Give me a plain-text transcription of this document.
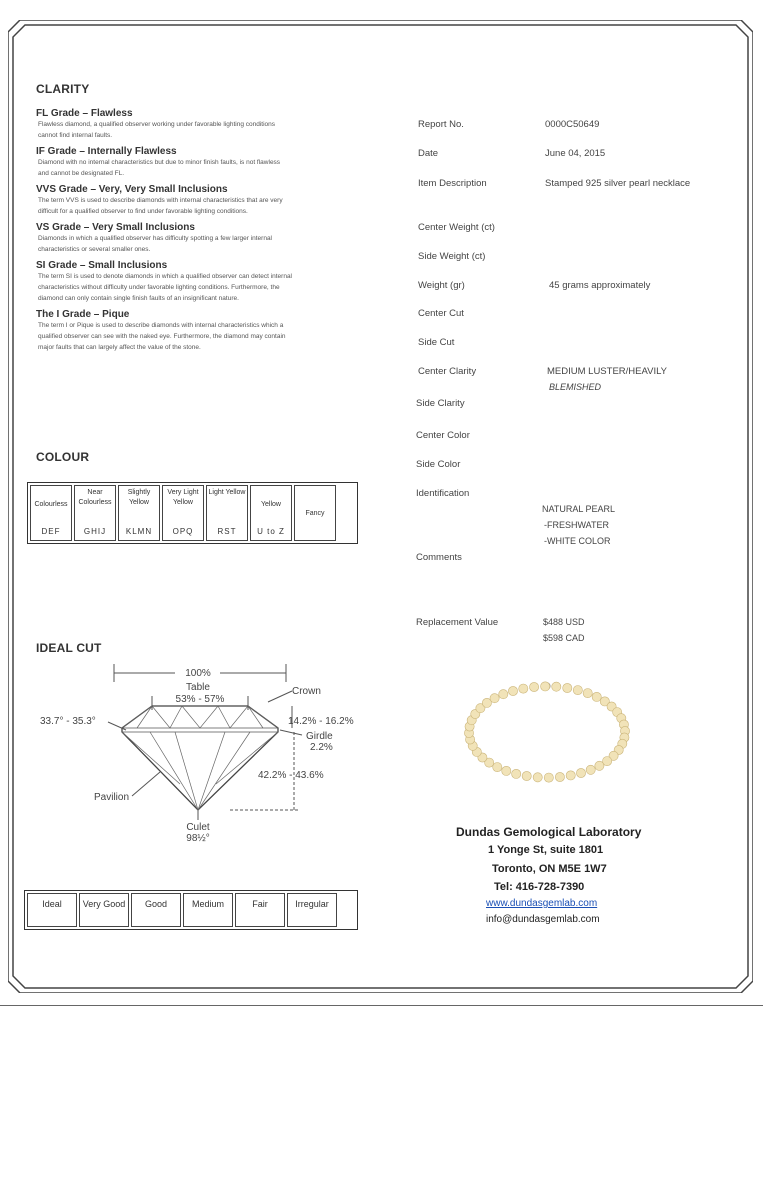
CLARITY
FL Grade – Flawless
Flawless diamond, a qualified observer working under favorable lighting conditions
cannot find internal faults.
IF Grade – Internally Flawless
Diamond with no internal characteristics but due to minor finish faults, is not flawless
and cannot be designated FL.
VVS Grade – Very, Very Small Inclusions
The term VVS is used to describe diamonds with internal characteristics that are very
difficult for a qualified observer to find under favorable lighting conditions.
VS Grade – Very Small Inclusions
Diamonds in which a qualified observer has difficulty spotting a few larger internal
characteristics or several smaller ones.
SI Grade – Small Inclusions
The term SI is used to denote diamonds in which a qualified observer can detect internal
characteristics without difficulty under favorable lighting conditions. Furthermore, the
diamond can only contain single finish faults of an insignificant nature.
The I Grade – Pique
The term I or Pique is used to describe diamonds with internal characteristics which a
qualified observer can see with the naked eye. Furthermore, the diamond may contain
major faults that can largely affect the value of the stone.
COLOUR
Colourless
DEF
Near Colourless
GHIJ
Slightly Yellow
KLMN
Very Light Yellow
OPQ
Light Yellow
RST
Yellow
U to Z
Fancy
IDEAL CUT
100%
Table
53% - 57%
Crown
33.7° - 35.3°	14.2% - 16.2%
Girdle
2.2%
42.2% - 43.6%
Pavilion
Culet
98½°
Ideal	Very Good	Good	Medium	Fair	Irregular
Report No.	0000C50649
Date	June 04, 2015
Item Description	Stamped 925 silver pearl necklace
Center Weight (ct)
Side Weight (ct)
Weight (gr)	45 grams approximately
Center Cut
Side Cut
Center Clarity	MEDIUM LUSTER/HEAVILY
BLEMISHED
Side Clarity
Center Color
Side Color
Identification
NATURAL PEARL
-FRESHWATER
-WHITE COLOR
Comments
Replacement Value	$488 USD
$598 CAD
Dundas Gemological Laboratory
1 Yonge St, suite 1801
Toronto, ON M5E 1W7
Tel: 416-728-7390
www.dundasgemlab.com
info@dundasgemlab.com
